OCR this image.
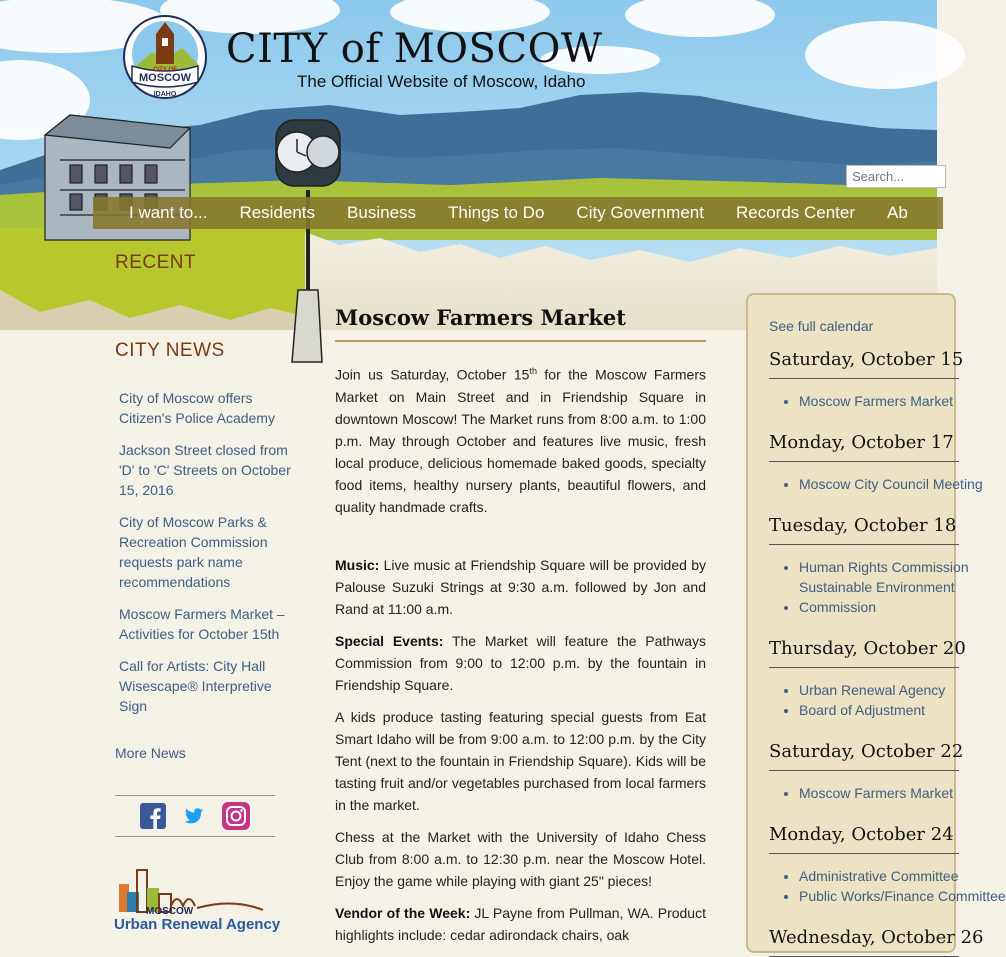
CITY OF
MOSCOW
IDAHO
CITY of MOSCOW
The Official Website of Moscow, Idaho
Search...
I want to...	Residents	Business	Things to Do	City Government	Records Center	Ab
RECENT
CITY NEWS
City of Moscow offers Citizen's Police Academy
Jackson Street closed from 'D' to 'C' Streets on October 15, 2016
City of Moscow Parks & Recreation Commission requests park name recommendations
Moscow Farmers Market – Activities for October 15th
Call for Artists: City Hall Wisescape® Interpretive Sign
More News
MOSCOW
Urban Renewal Agency
Moscow Farmers Market

Join us Saturday, October 15th for the Moscow Farmers Market on Main Street and in Friendship Square in downtown Moscow! The Market runs from 8:00 a.m. to 1:00 p.m. May through October and features live music, fresh local produce, delicious homemade baked goods, specialty food items, healthy nursery plants, beautiful flowers, and quality handmade crafts.

Music: Live music at Friendship Square will be provided by Palouse Suzuki Strings at 9:30 a.m. followed by Jon and Rand at 11:00 a.m.

Special Events: The Market will feature the Pathways Commission from 9:00 to 12:00 p.m. by the fountain in Friendship Square.

A kids produce tasting featuring special guests from Eat Smart Idaho will be from 9:00 a.m. to 12:00 p.m. by the City Tent (next to the fountain in Friendship Square). Kids will be tasting fruit and/or vegetables purchased from local farmers in the market.

Chess at the Market with the University of Idaho Chess Club from 8:00 a.m. to 12:30 p.m. near the Moscow Hotel. Enjoy the game while playing with giant 25" pieces!

Vendor of the Week: JL Payne from Pullman, WA. Product highlights include: cedar adirondack chairs, oak

See full calendar
Saturday, October 15
• Moscow Farmers Market
Monday, October 17
• Moscow City Council Meeting
Tuesday, October 18
• Human Rights Commission
• Sustainable Environment Commission
Thursday, October 20
• Urban Renewal Agency
• Board of Adjustment
Saturday, October 22
• Moscow Farmers Market
Monday, October 24
• Administrative Committee
• Public Works/Finance Committee
Wednesday, October 26
